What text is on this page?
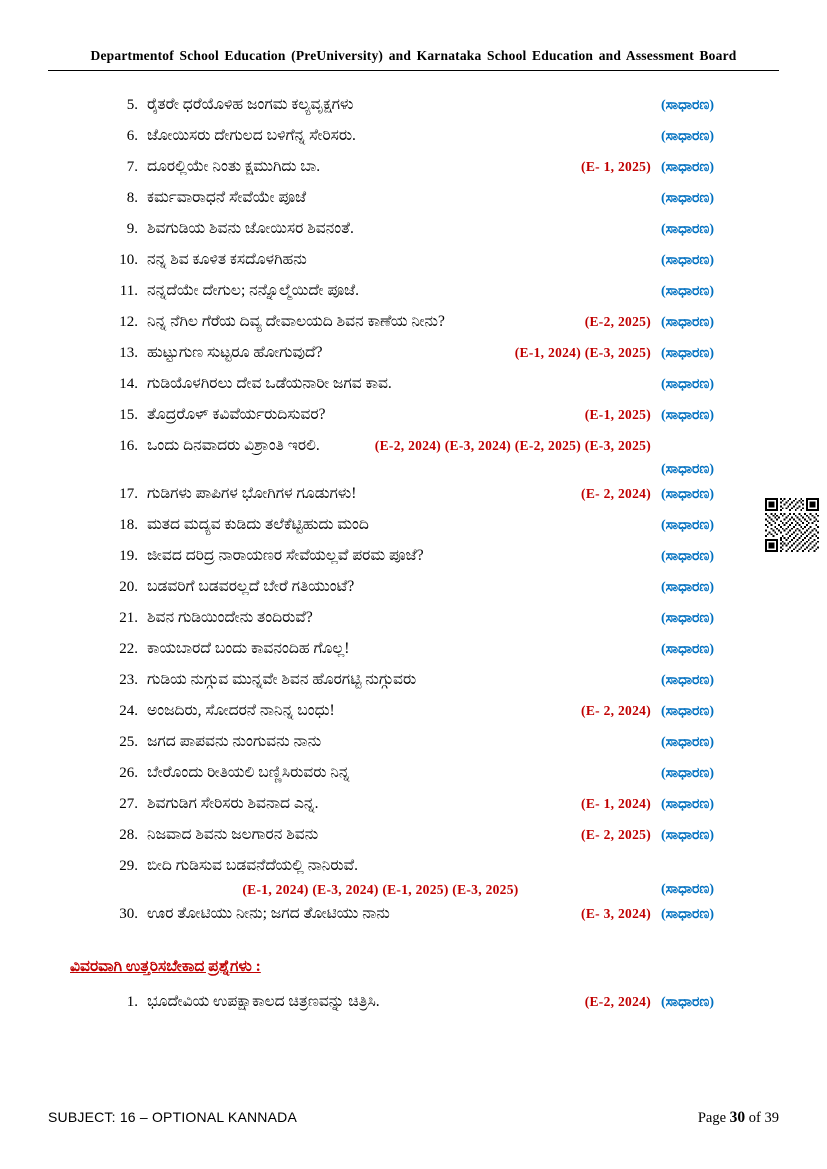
Departmentof School Education (PreUniversity) and Karnataka School Education and Assessment Board
5. ರೈತರೇ ಧರೆಯೊಳಿಹ ಜಂಗಮ ಕಲ್ಯವೃಕ್ಷಗಳು	(ಸಾಧಾರಣ)
6. ಜೋಯಿಸರು ದೇಗುಲದ ಬಳಿಗೆನ್ನ ಸೇರಿಸರು.	(ಸಾಧಾರಣ)
7. ದೂರಲ್ಲಿಯೇ ನಿಂತು ಕ್ಷಮುಗಿದು ಬಾ.	(E- 1, 2025) (ಸಾಧಾರಣ)
8. ಕರ್ಮವಾರಾಧನೆ ಸೇವೆಯೇ ಪೂಜೆ	(ಸಾಧಾರಣ)
9. ಶಿವಗುಡಿಯ ಶಿವನು ಜೋಯಿಸರ ಶಿವನಂತೆ.	(ಸಾಧಾರಣ)
10. ನನ್ನ ಶಿವ ಕೂಳಿತ ಕಸದೊಳಗಿಹನು	(ಸಾಧಾರಣ)
11. ನನ್ನದೆಯೇ ದೇಗುಲ; ನನ್ನೊಲ್ಮೆಯಿದೇ ಪೂಜೆ.	(ಸಾಧಾರಣ)
12. ನಿನ್ನ ನೆಗಿಲ ಗೆರೆಯ ದಿವ್ಯ ದೇವಾಲಯದಿ ಶಿವನ ಕಾಣೆಯ ನೀನು?	(E-2, 2025) (ಸಾಧಾರಣ)
13. ಹುಟ್ಟುಗುಣ ಸುಟ್ಟರೂ ಹೋಗುವುದೆ?	(E-1, 2024) (E-3, 2025) (ಸಾಧಾರಣ)
14. ಗುಡಿಯೊಳಗಿರಲು ದೇವ ಒಡೆಯನಾರೀ ಜಗವ ಕಾವ.	(ಸಾಧಾರಣ)
15. ತೊದ್ರರೊಳ್ ಕವಿವೆರ್ಯರುದಿಸುವರ?	(E-1, 2025) (ಸಾಧಾರಣ)
16. ಒಂದು ದಿನವಾದರು ವಿಶ್ರಾಂತಿ ಇರಲಿ.	(E-2, 2024) (E-3, 2024) (E-2, 2025) (E-3, 2025)
(ಸಾಧಾರಣ)
17. ಗುಡಿಗಳು ಪಾಪಿಗಳ ಭೋಗಿಗಳ ಗೂಡುಗಳು!	(E- 2, 2024) (ಸಾಧಾರಣ)
18. ಮತದ ಮದ್ಯವ ಕುಡಿದು ತಲೆಕೆಟ್ಟಿಹುದು ಮಂದಿ	(ಸಾಧಾರಣ)
19. ಜೀವದ ದರಿದ್ರ ನಾರಾಯಣರ ಸೇವೆಯಲ್ಲವೆ ಪರಮ ಪೂಜೆ?	(ಸಾಧಾರಣ)
20. ಬಡವರಿಗೆ ಬಡವರಲ್ಲದೆ ಬೇರೆ ಗತಿಯುಂಟೆ?	(ಸಾಧಾರಣ)
21. ಶಿವನ ಗುಡಿಯಿಂದೇನು ತಂದಿರುವೆ?	(ಸಾಧಾರಣ)
22. ಕಾಯಬಾರದೆ ಬಂದು ಕಾವನಂದಿಹ ಗೊಲ್ಲ!	(ಸಾಧಾರಣ)
23. ಗುಡಿಯ ನುಗ್ಗುವ ಮುನ್ನವೇ ಶಿವನ ಹೊರಗಟ್ಟಿ ನುಗ್ಗುವರು	(ಸಾಧಾರಣ)
24. ಅಂಜದಿರು, ಸೋದರನೆ ನಾನಿನ್ನ ಬಂಧು!	(E- 2, 2024) (ಸಾಧಾರಣ)
25. ಜಗದ ಪಾಪವನು ನುಂಗುವನು ನಾನು	(ಸಾಧಾರಣ)
26. ಬೇರೊಂದು ರೀತಿಯಲಿ ಬಣ್ಣಿಸಿರುವರು ನಿನ್ನ	(ಸಾಧಾರಣ)
27. ಶಿವಗುಡಿಗ ಸೇರಿಸರು ಶಿವನಾದ ಎನ್ನ.	(E- 1, 2024) (ಸಾಧಾರಣ)
28. ನಿಜವಾದ ಶಿವನು ಜಲಗಾರನ ಶಿವನು	(E- 2, 2025) (ಸಾಧಾರಣ)
29. ಬೀದಿ ಗುಡಿಸುವ ಬಡವನೆದೆಯಲ್ಲಿ ನಾನಿರುವೆ.
(E-1, 2024) (E-3, 2024) (E-1, 2025) (E-3, 2025)	(ಸಾಧಾರಣ)
30. ಊರ ತೋಟಿಯು ನೀನು; ಜಗದ ತೋಟಿಯು ನಾನು	(E- 3, 2024) (ಸಾಧಾರಣ)
ವಿವರವಾಗಿ ಉತ್ತರಿಸಬೇಕಾದ ಪ್ರಶ್ನೆಗಳು :
1. ಭೂದೇವಿಯ ಉಪಕ್ಷಾಕಾಲದ ಚಿತ್ರಣವನ್ನು ಚಿತ್ರಿಸಿ.	(E-2, 2024) (ಸಾಧಾರಣ)
SUBJECT: 16 – OPTIONAL KANNADA	Page 30 of 39
